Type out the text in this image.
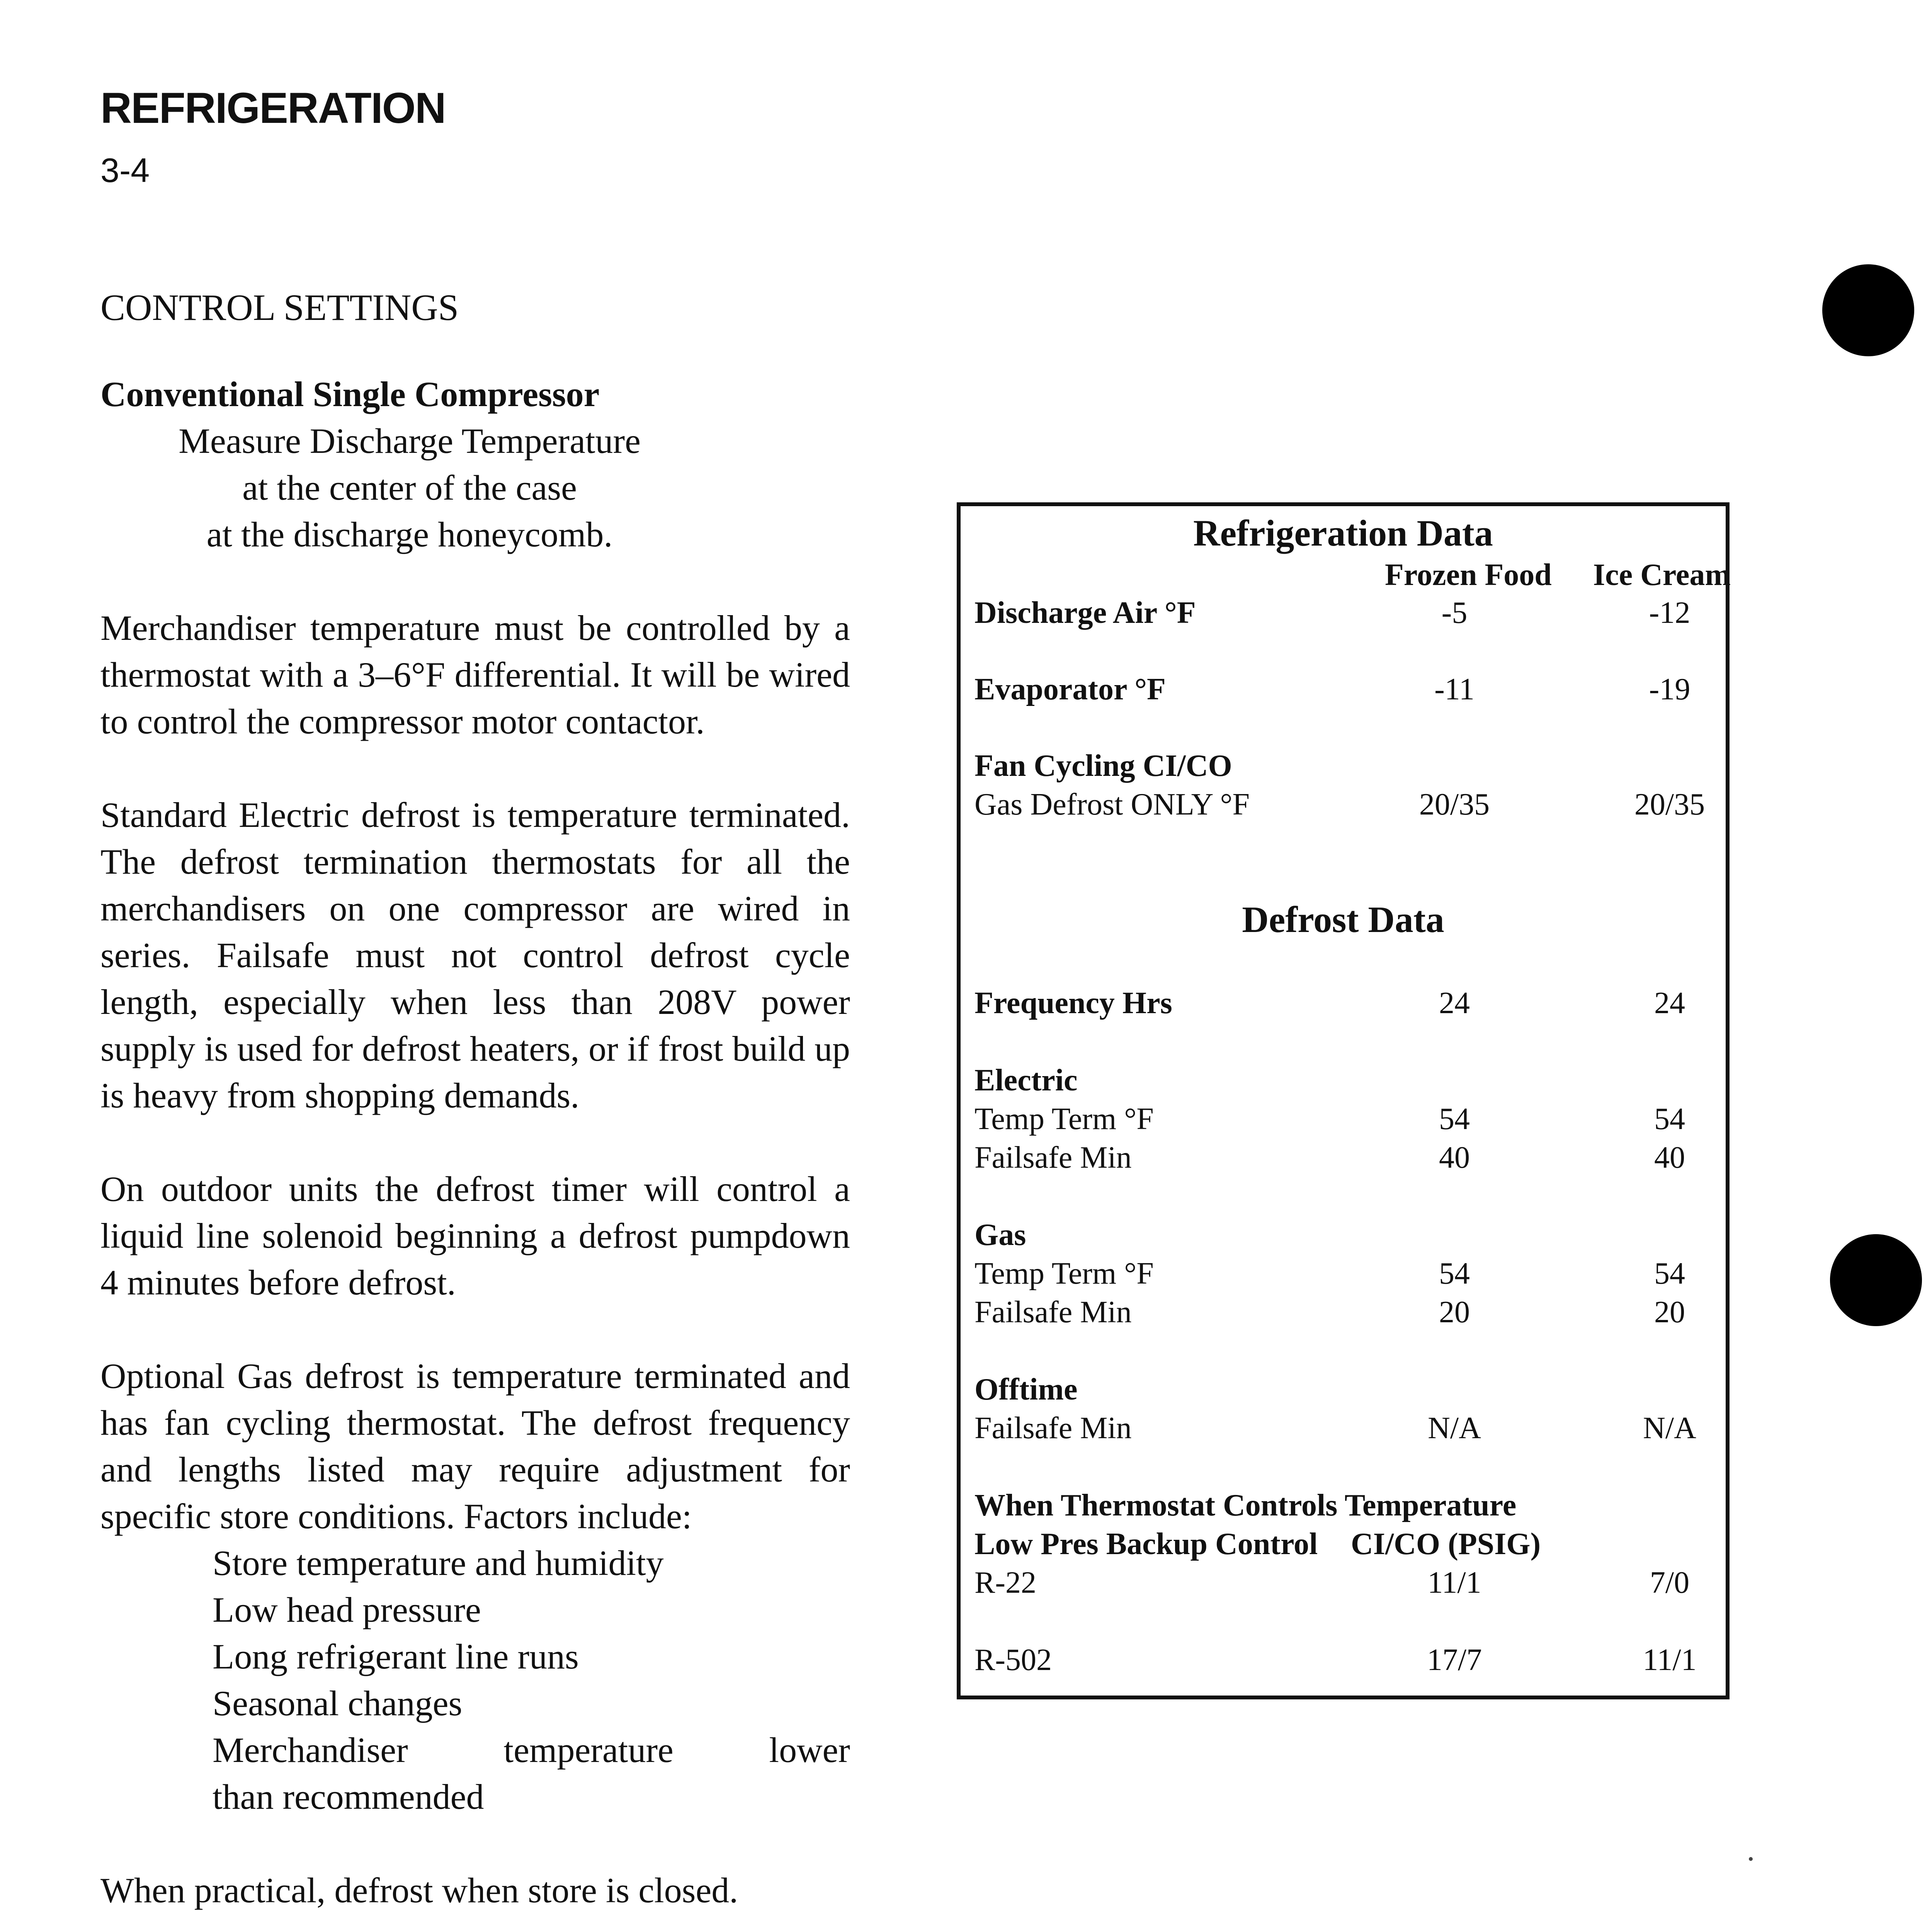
REFRIGERATION
3-4
CONTROL SETTINGS

Conventional Single Compressor

Measure Discharge Temperature
at the center of the case
at the discharge honeycomb.

Merchandiser temperature must be controlled by a thermostat with a 3–6°F differential. It will be wired to control the compressor motor contactor.

Standard Electric defrost is temperature terminated. The defrost termination thermostats for all the merchandisers on one compressor are wired in series. Failsafe must not control defrost cycle length, especially when less than 208V power supply is used for defrost heaters, or if frost build up is heavy from shopping demands.

On outdoor units the defrost timer will control a liquid line solenoid beginning a defrost pumpdown 4 minutes before defrost.

Optional Gas defrost is temperature terminated and has fan cycling thermostat. The defrost frequency and lengths listed may require adjustment for specific store conditions. Factors include:

Store temperature and humidity
Low head pressure
Long refrigerant line runs
Seasonal changes
Merchandiser temperature lower
than recommended

When practical, defrost when store is closed.

Refrigeration Data
Frozen Food Ice Cream
Discharge Air °F	-5	-12
Evaporator °F	-11	-19
Fan Cycling CI/CO
Gas Defrost ONLY °F	20/35	20/35
Defrost Data
Frequency Hrs	24	24
Electric
Temp Term °F	54	54
Failsafe Min	40	40
Gas
Temp Term °F	54	54
Failsafe Min	20	20
Offtime
Failsafe Min	N/A	N/A
When Thermostat Controls Temperature
Low Pres Backup Control CI/CO (PSIG)
R-22	11/1	7/0
R-502	17/7	11/1
